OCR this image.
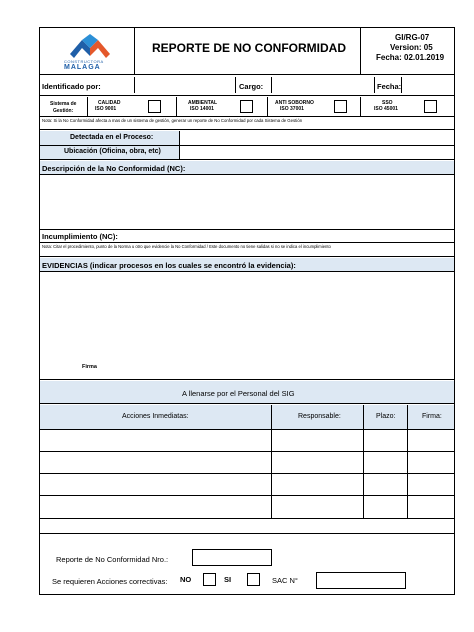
CONSTRUCTORA
MALAGA
REPORTE DE NO CONFORMIDAD
GI/RG-07
Version: 05
Fecha: 02.01.2019
Identificado por:	Cargo:	Fecha:
Sistema de
Gestión:
CALIDAD
ISO 9001
AMBIENTAL
ISO 14001
ANTI SOBORNO
ISO 37001
SSO
ISO 45001
Nota: Si la No Conformidad afecta a mas de un sistema de gestión, generar un reporte de No Conformidad por cada Sistema de Gestión
Detectada en el Proceso:
Ubicación (Oficina, obra, etc)
Descripción de la No Conformidad (NC):
Incumplimiento (NC):
Nota: Citar el procedimiento, punto de la Norma u otro que evidencie la No Conformidad / Este documento no tiene salidas si no se indica el incumplimiento
EVIDENCIAS (indicar procesos en los cuales se encontró la evidencia):
Firma
A llenarse por el Personal del SIG
Acciones Inmediatas:	Responsable:	Plazo:	Firma:
Reporte de No Conformidad Nro.:
Se requieren Acciones correctivas: NO	SI	SAC N°
